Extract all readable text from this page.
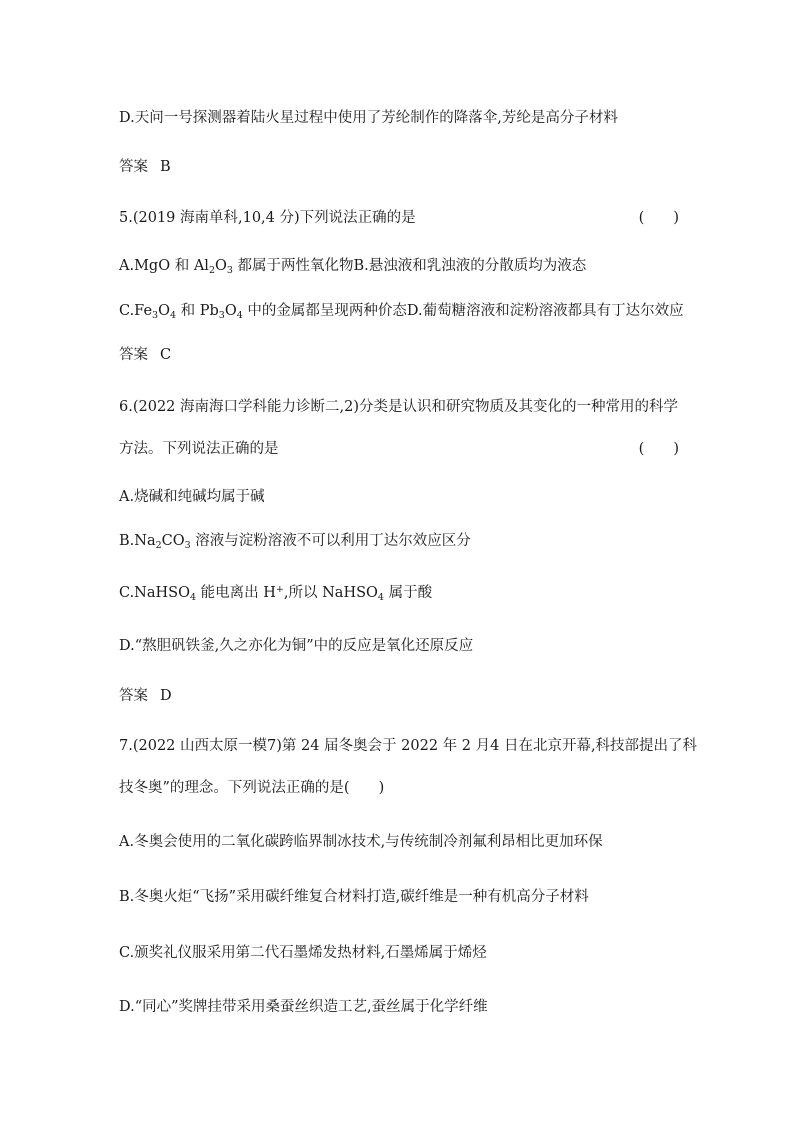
D.天问一号探测器着陆火星过程中使用了芳纶制作的降落伞,芳纶是高分子材料
答案 B
5.(2019 海南单科,10,4 分)下列说法正确的是	(　　)
A.MgO 和 $Al_2O_3$ 都属于两性氧化物B.悬浊液和乳浊液的分散质均为液态
$C.Fe_3O_4$ 和 $Pb_3O_4$ 中的金属都呈现两种价态D.葡萄糖溶液和淀粉溶液都具有丁达尔效应
答案 C
6.(2022 海南海口学科能力诊断二,2)分类是认识和研究物质及其变化的一种常用的科学
方法。下列说法正确的是	(　　)
A.烧碱和纯碱均属于碱
$B.Na_2CO_3$ 溶液与淀粉溶液不可以利用丁达尔效应区分
C.NaHSO$_4$ 能电离出 H+,所以 NaHSO$_4$ 属于酸
D.“熬胆矾铁釜,久之亦化为铜”中的反应是氧化还原反应
答案 D
7.(2022 山西太原一模7)第 24 届冬奥会于 2022 年 2 月4 日在北京开幕,科技部提出了科
技冬奥”的理念。下列说法正确的是(　　)
A.冬奥会使用的二氧化碳跨临界制冰技术,与传统制冷剂氟利昂相比更加环保
B.冬奥火炬“飞扬”采用碳纤维复合材料打造,碳纤维是一种有机高分子材料
C.颁奖礼仪服采用第二代石墨烯发热材料,石墨烯属于烯烃
D.“同心”奖牌挂带采用桑蚕丝织造工艺,蚕丝属于化学纤维
